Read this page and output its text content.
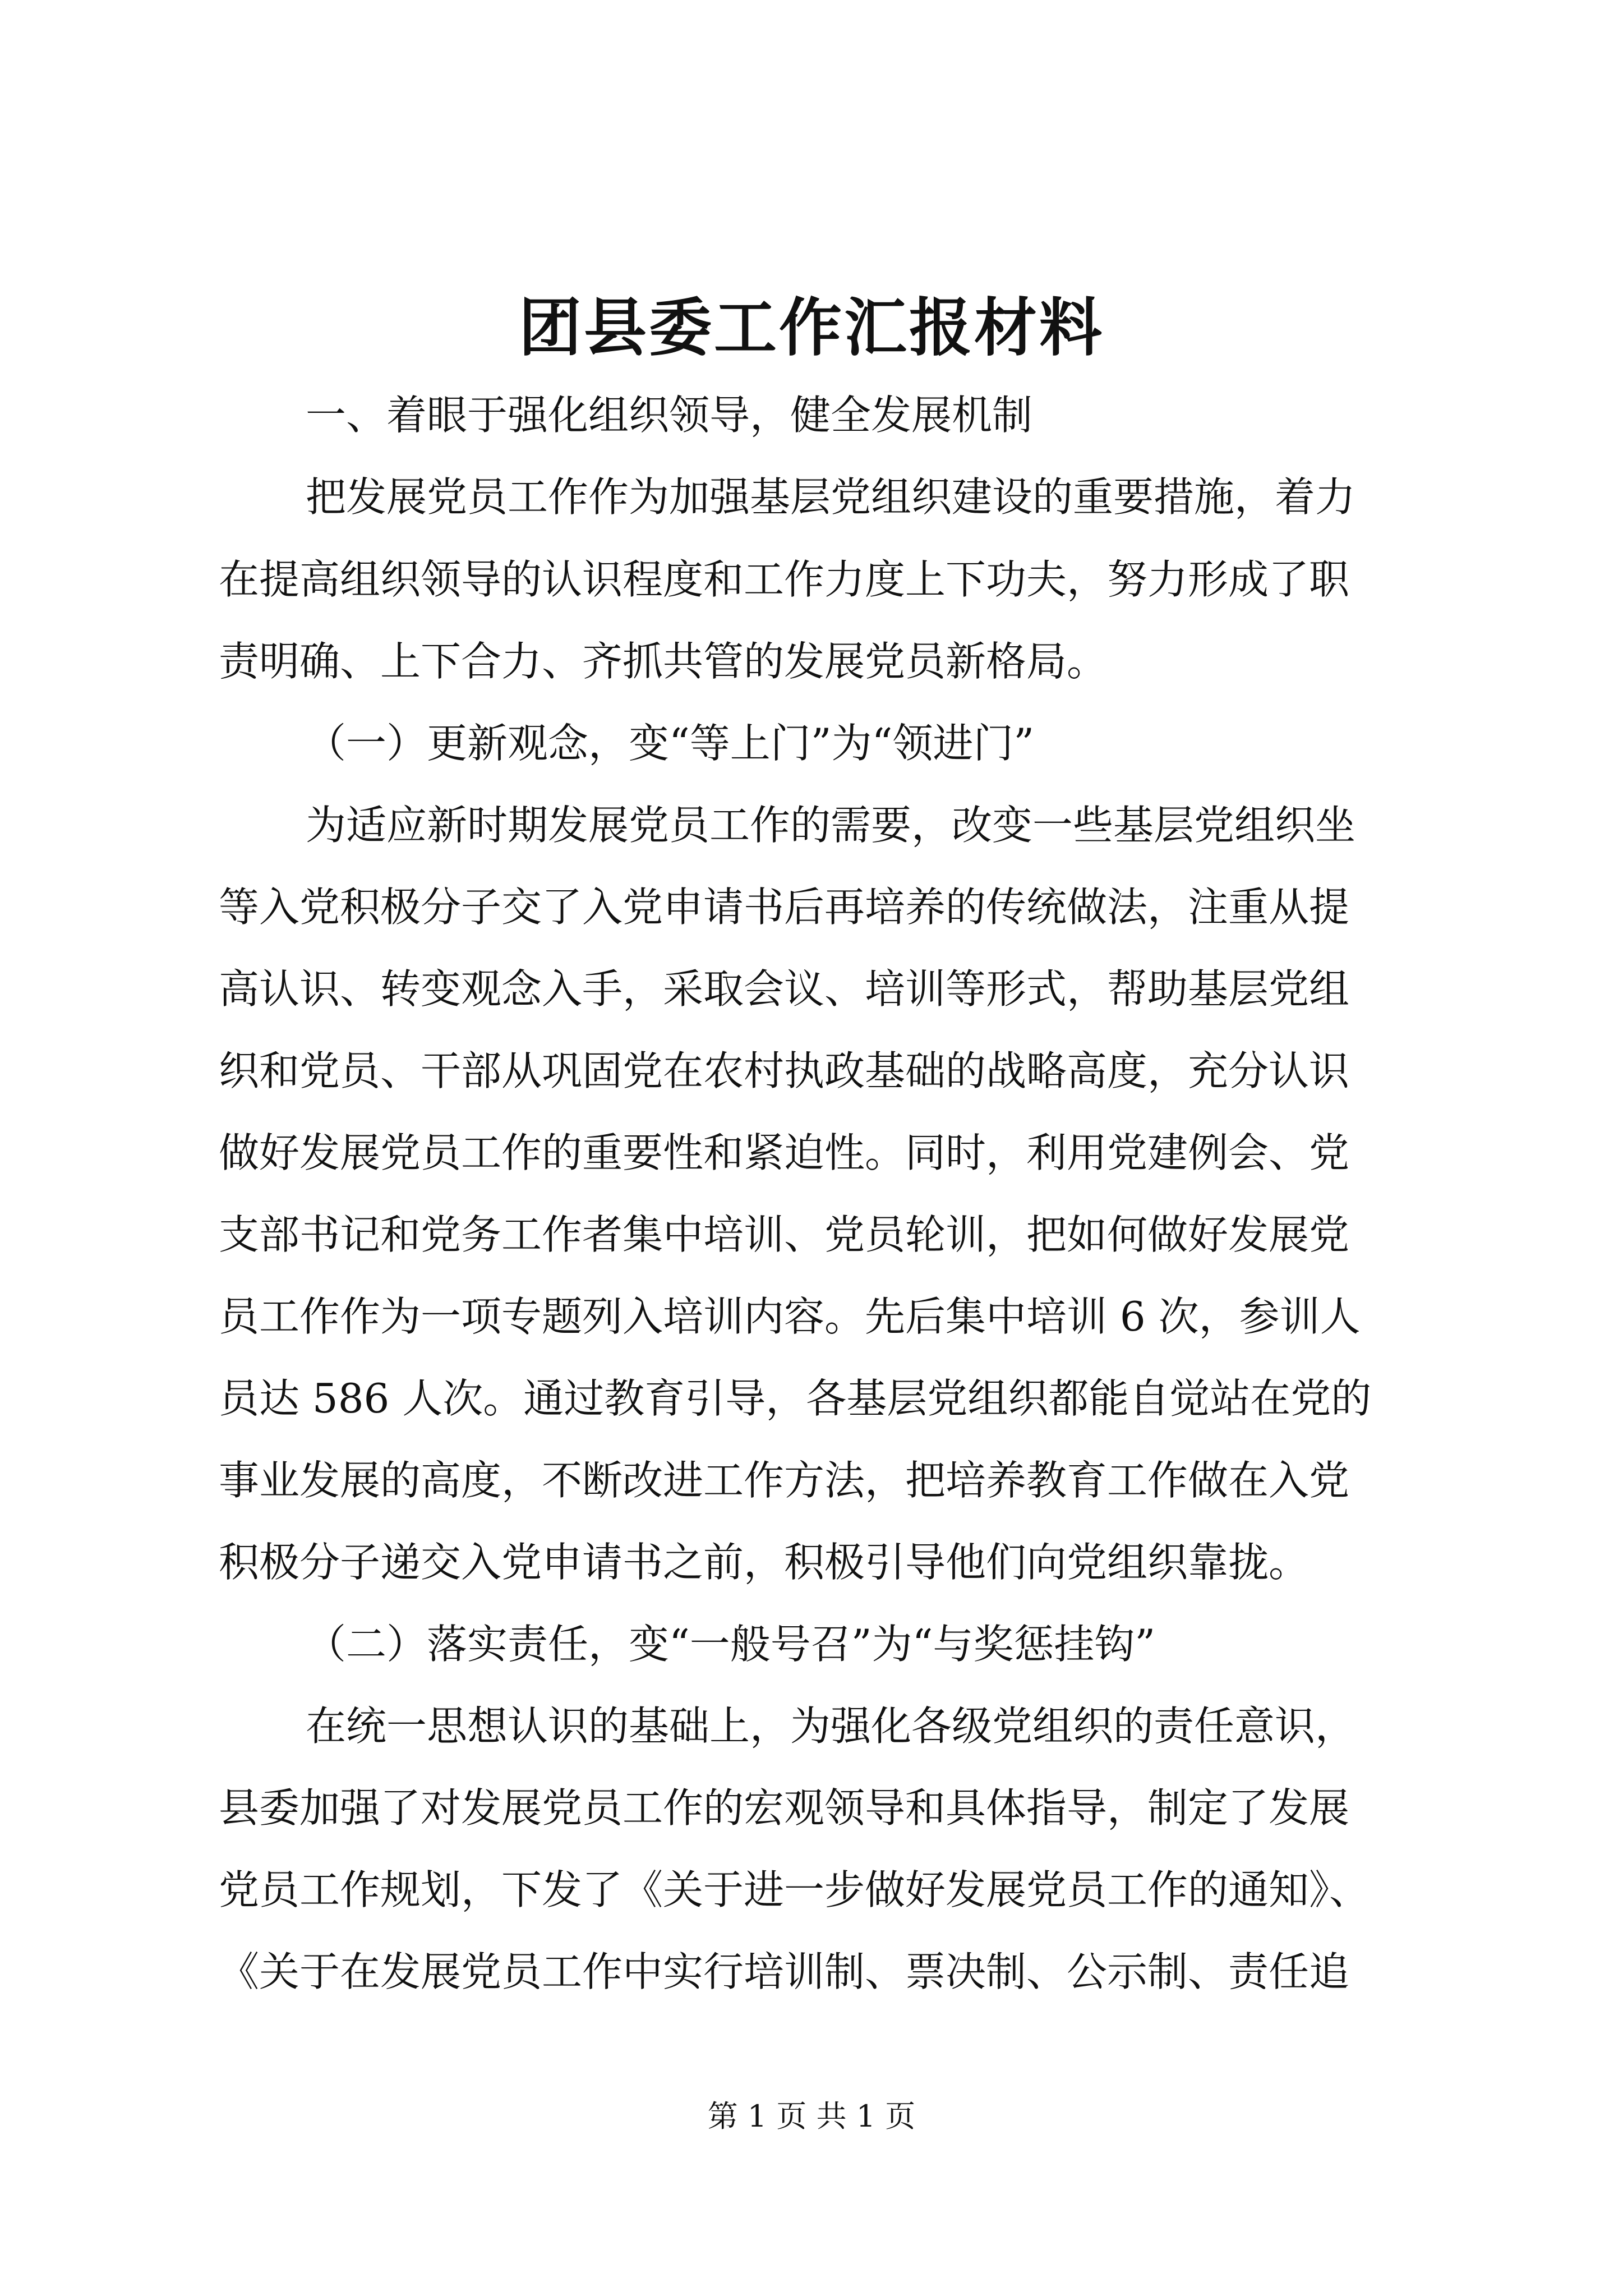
团县委工作汇报材料

一、着眼于强化组织领导，健全发展机制

把发展党员工作作为加强基层党组织建设的重要措施，着力

在提高组织领导的认识程度和工作力度上下功夫，努力形成了职

责明确、上下合力、齐抓共管的发展党员新格局。

（一）更新观念，变“等上门”为“领进门”

为适应新时期发展党员工作的需要，改变一些基层党组织坐

等入党积极分子交了入党申请书后再培养的传统做法，注重从提

高认识、转变观念入手，采取会议、培训等形式，帮助基层党组

织和党员、干部从巩固党在农村执政基础的战略高度，充分认识

做好发展党员工作的重要性和紧迫性。同时，利用党建例会、党

支部书记和党务工作者集中培训、党员轮训，把如何做好发展党

员工作作为一项专题列入培训内容。先后集中培训 6 次，参训人

员达 586 人次。通过教育引导，各基层党组织都能自觉站在党的

事业发展的高度，不断改进工作方法，把培养教育工作做在入党

积极分子递交入党申请书之前，积极引导他们向党组织靠拢。

（二）落实责任，变“一般号召”为“与奖惩挂钩”

在统一思想认识的基础上，为强化各级党组织的责任意识，

县委加强了对发展党员工作的宏观领导和具体指导，制定了发展

党员工作规划，下发了《关于进一步做好发展党员工作的通知》、

《关于在发展党员工作中实行培训制、票决制、公示制、责任追

第 1 页 共 1 页
